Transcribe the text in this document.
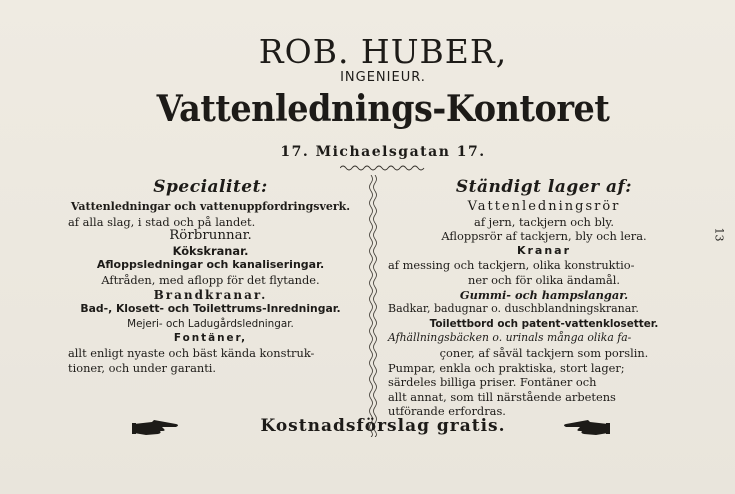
ROB. HUBER,
INGENIEUR.
Vattenlednings-Kontoret
17. Michaelsgatan 17.
Specialitet:
Vattenledningar och vattenuppfordringsverk.
af alla slag, i stad och på landet.
Rörbrunnar.
Kökskranar.
Afloppsledningar och kanaliseringar.
Aftråden, med aflopp för det flytande.
Brandkranar.
Bad-, Klosett- och Toilettrums-Inredningar.
Mejeri- och Ladugårdsledningar.
Fontäner,
allt enligt nyaste och bäst kända konstruk-
tioner, och under garanti.
Ständigt lager af:
Vattenledningsrör
af jern, tackjern och bly.
Afloppsrör af tackjern, bly och lera.
Kranar
af messing och tackjern, olika konstruktio-
ner och för olika ändamål.
Gummi- och hampslangar.
Badkar, badugnar o. duschblandningskranar.
Toilettbord och patent-vattenklosetter.
Afhällningsbäcken o. urinals många olika fa-
çoner, af såväl tackjern som porslin.
Pumpar, enkla och praktiska, stort lager;
särdeles billiga priser. Fontäner och
allt annat, som till närstående arbetens
utförande erfordras.
Kostnadsförslag gratis.
13
